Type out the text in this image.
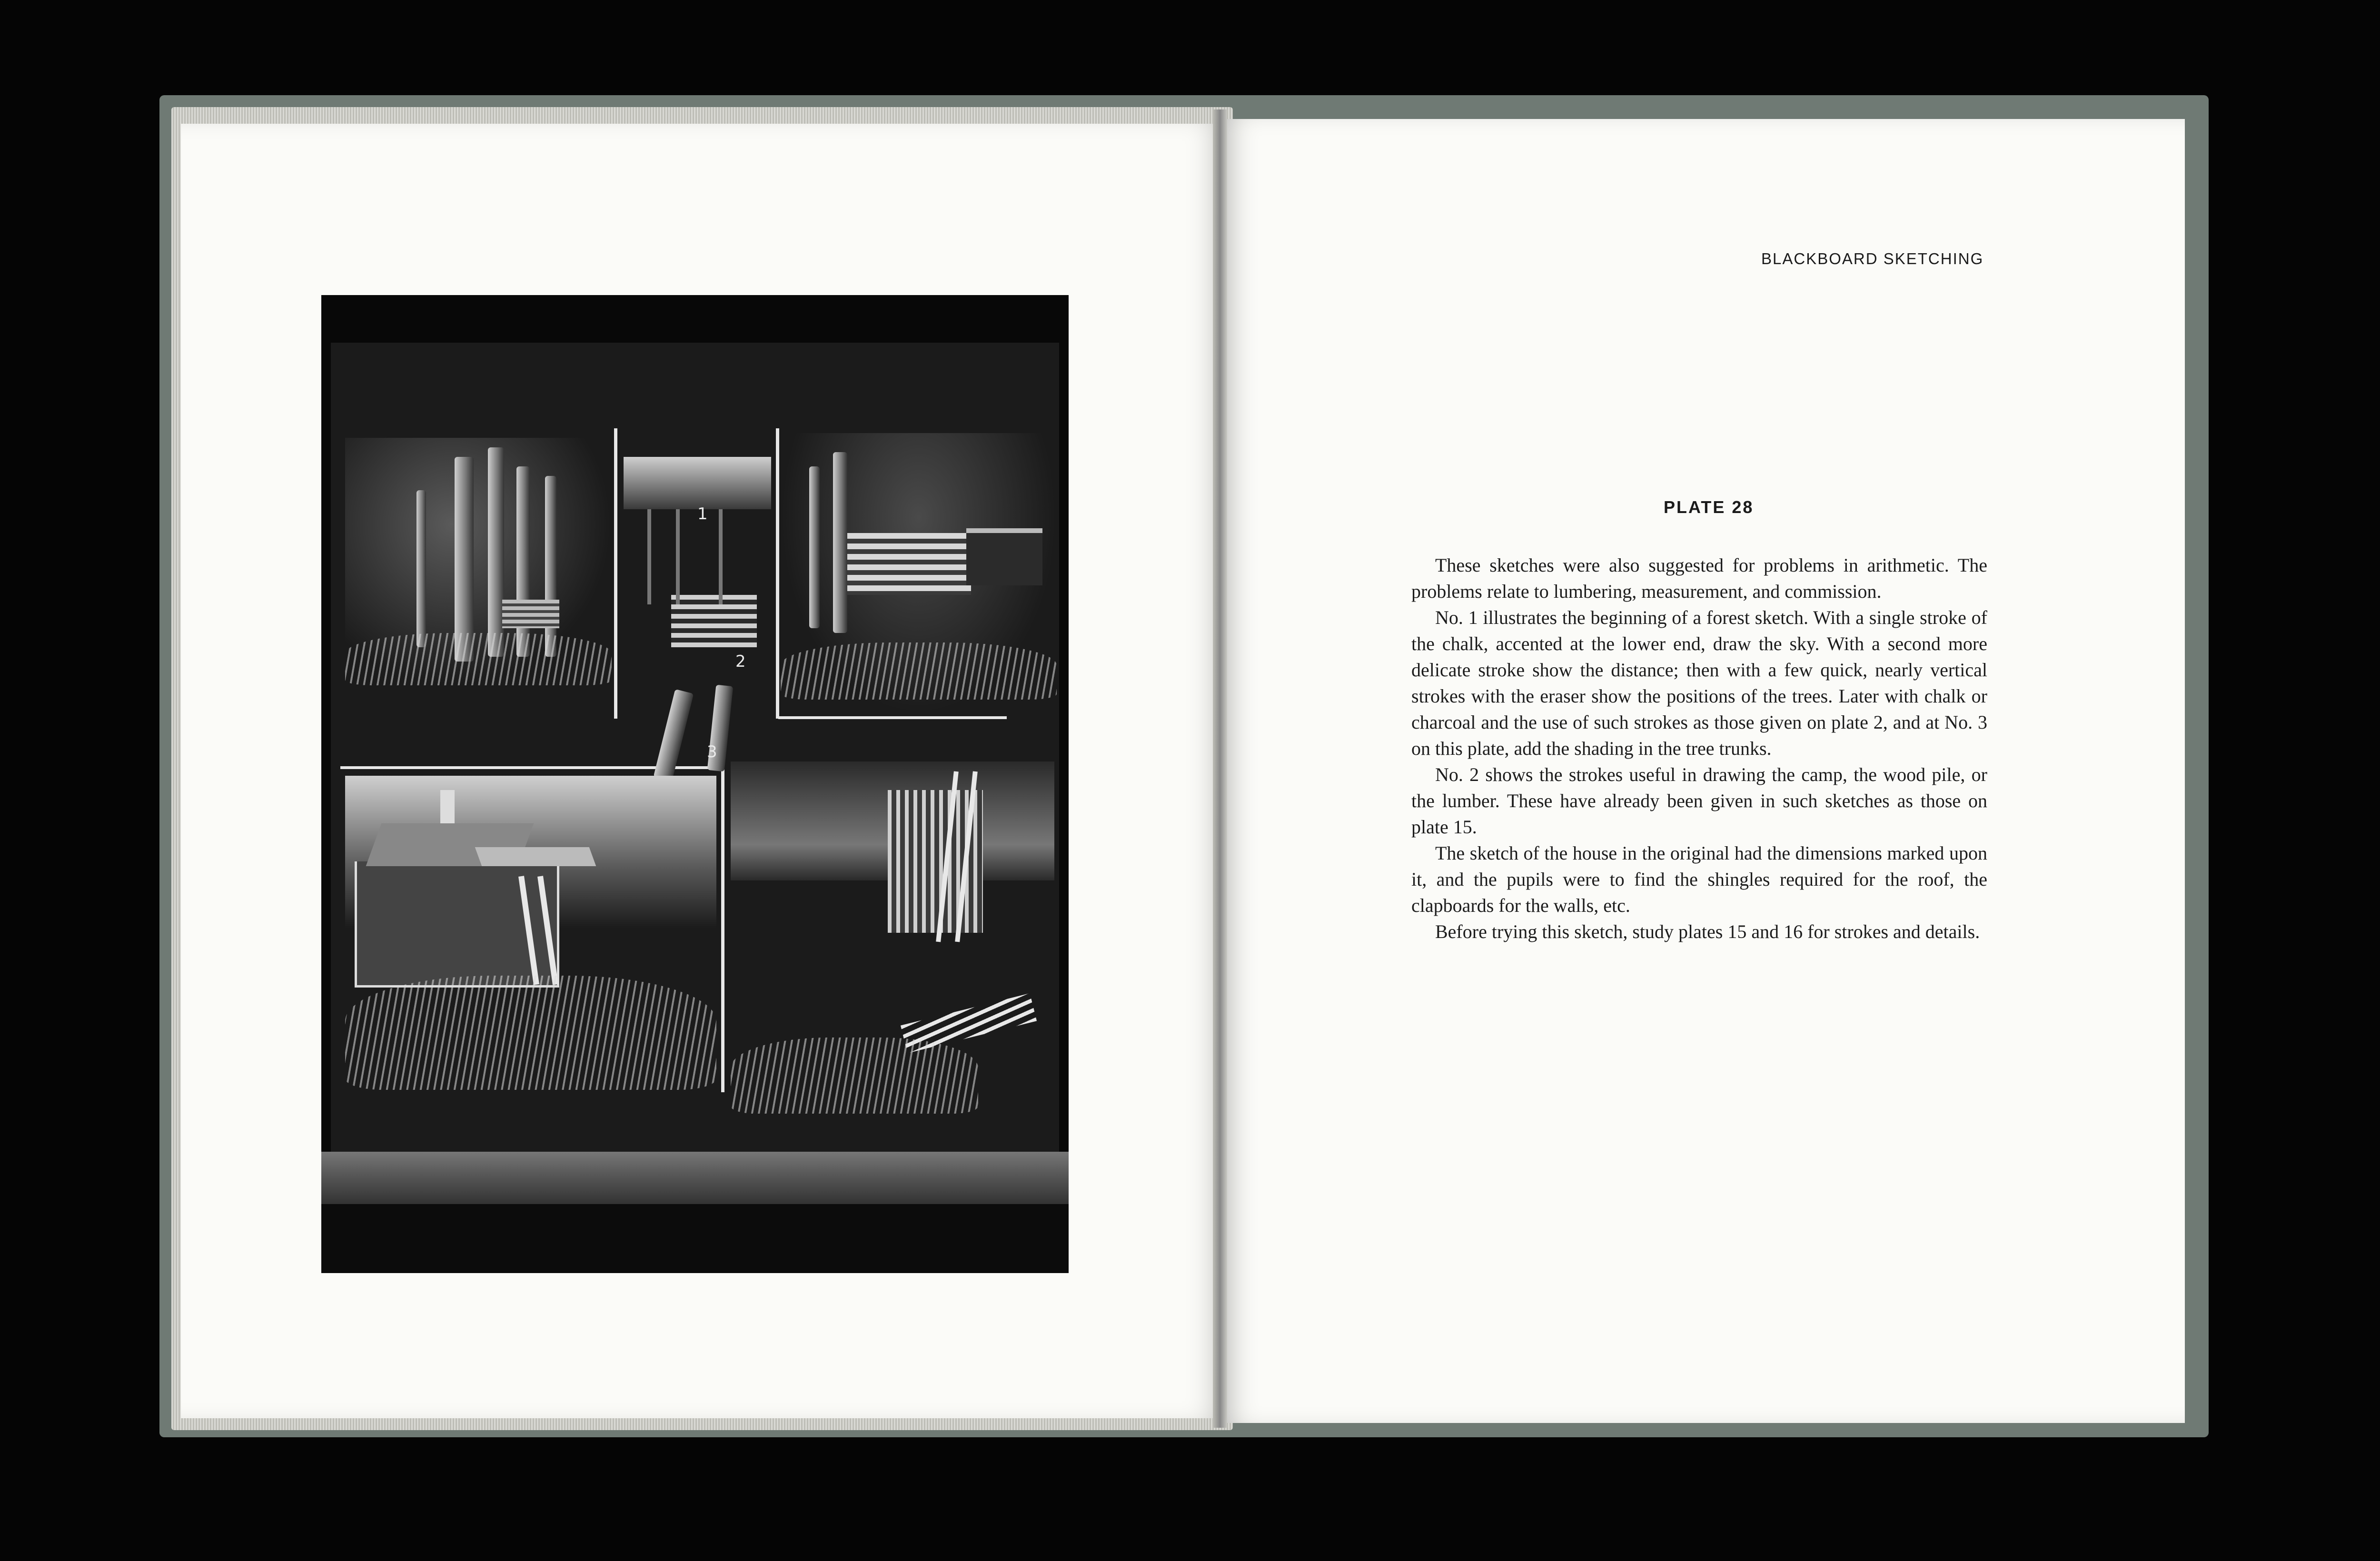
1
2
3
BLACKBOARD SKETCHING
PLATE 28

These sketches were also suggested for problems in arithmetic. The problems relate to lumbering, measurement, and commission.

No. 1 illustrates the beginning of a forest sketch. With a single stroke of the chalk, accented at the lower end, draw the sky. With a second more delicate stroke show the distance; then with a few quick, nearly vertical strokes with the eraser show the positions of the trees. Later with chalk or charcoal and the use of such strokes as those given on plate 2, and at No. 3 on this plate, add the shading in the tree trunks.

No. 2 shows the strokes useful in drawing the camp, the wood pile, or the lumber. These have already been given in such sketches as those on plate 15.

The sketch of the house in the original had the dimensions marked upon it, and the pupils were to find the shingles required for the roof, the clapboards for the walls, etc.

Before trying this sketch, study plates 15 and 16 for strokes and details.
